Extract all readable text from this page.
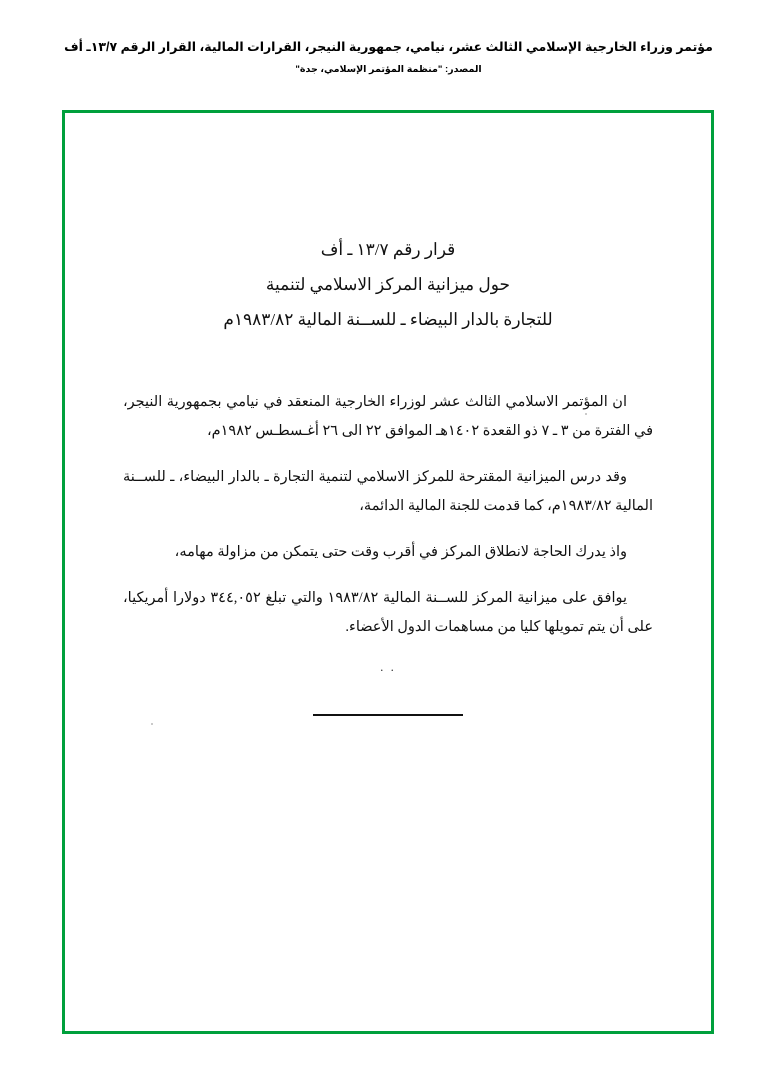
مؤتمر وزراء الخارجية الإسلامي الثالث عشر، نيامي، جمهورية النيجر، القرارات المالية، القرار الرقم ١٣/٧ـ أف
المصدر: "منظمة المؤتمر الإسلامي، جدة"
قرار رقم ١٣/٧ ـ أف
حول ميزانية المركز الاسلامي لتنمية
للتجارة بالدار البيضاء ـ للســنة المالية ١٩٨٣/٨٢م

ان المؤتمر الاسلامي الثالث عشر لوزراء الخارجية المنعقد في نيامي بجمهورية النيجر، في الفترة من ٣ ـ ٧ ذو القعدة ١٤٠٢هـ الموافق ٢٢ الى ٢٦ أغـسطـس ١٩٨٢م،

وقد درس الميزانية المقترحة للمركز الاسلامي لتنمية التجارة ـ بالدار البيضاء، ـ للســنة المالية ١٩٨٣/٨٢م، كما قدمت للجنة المالية الدائمة،

واذ يدرك الحاجة لانطلاق المركز في أقرب وقت حتى يتمكن من مزاولة مهامه،

يوافق على ميزانية المركز للســنة المالية ١٩٨٣/٨٢ والتي تبلغ ٣٤٤,٠٥٢ دولارا أمريكيا، على أن يتم تمويلها كليا من مساهمات الدول الأعضاء.

. .
